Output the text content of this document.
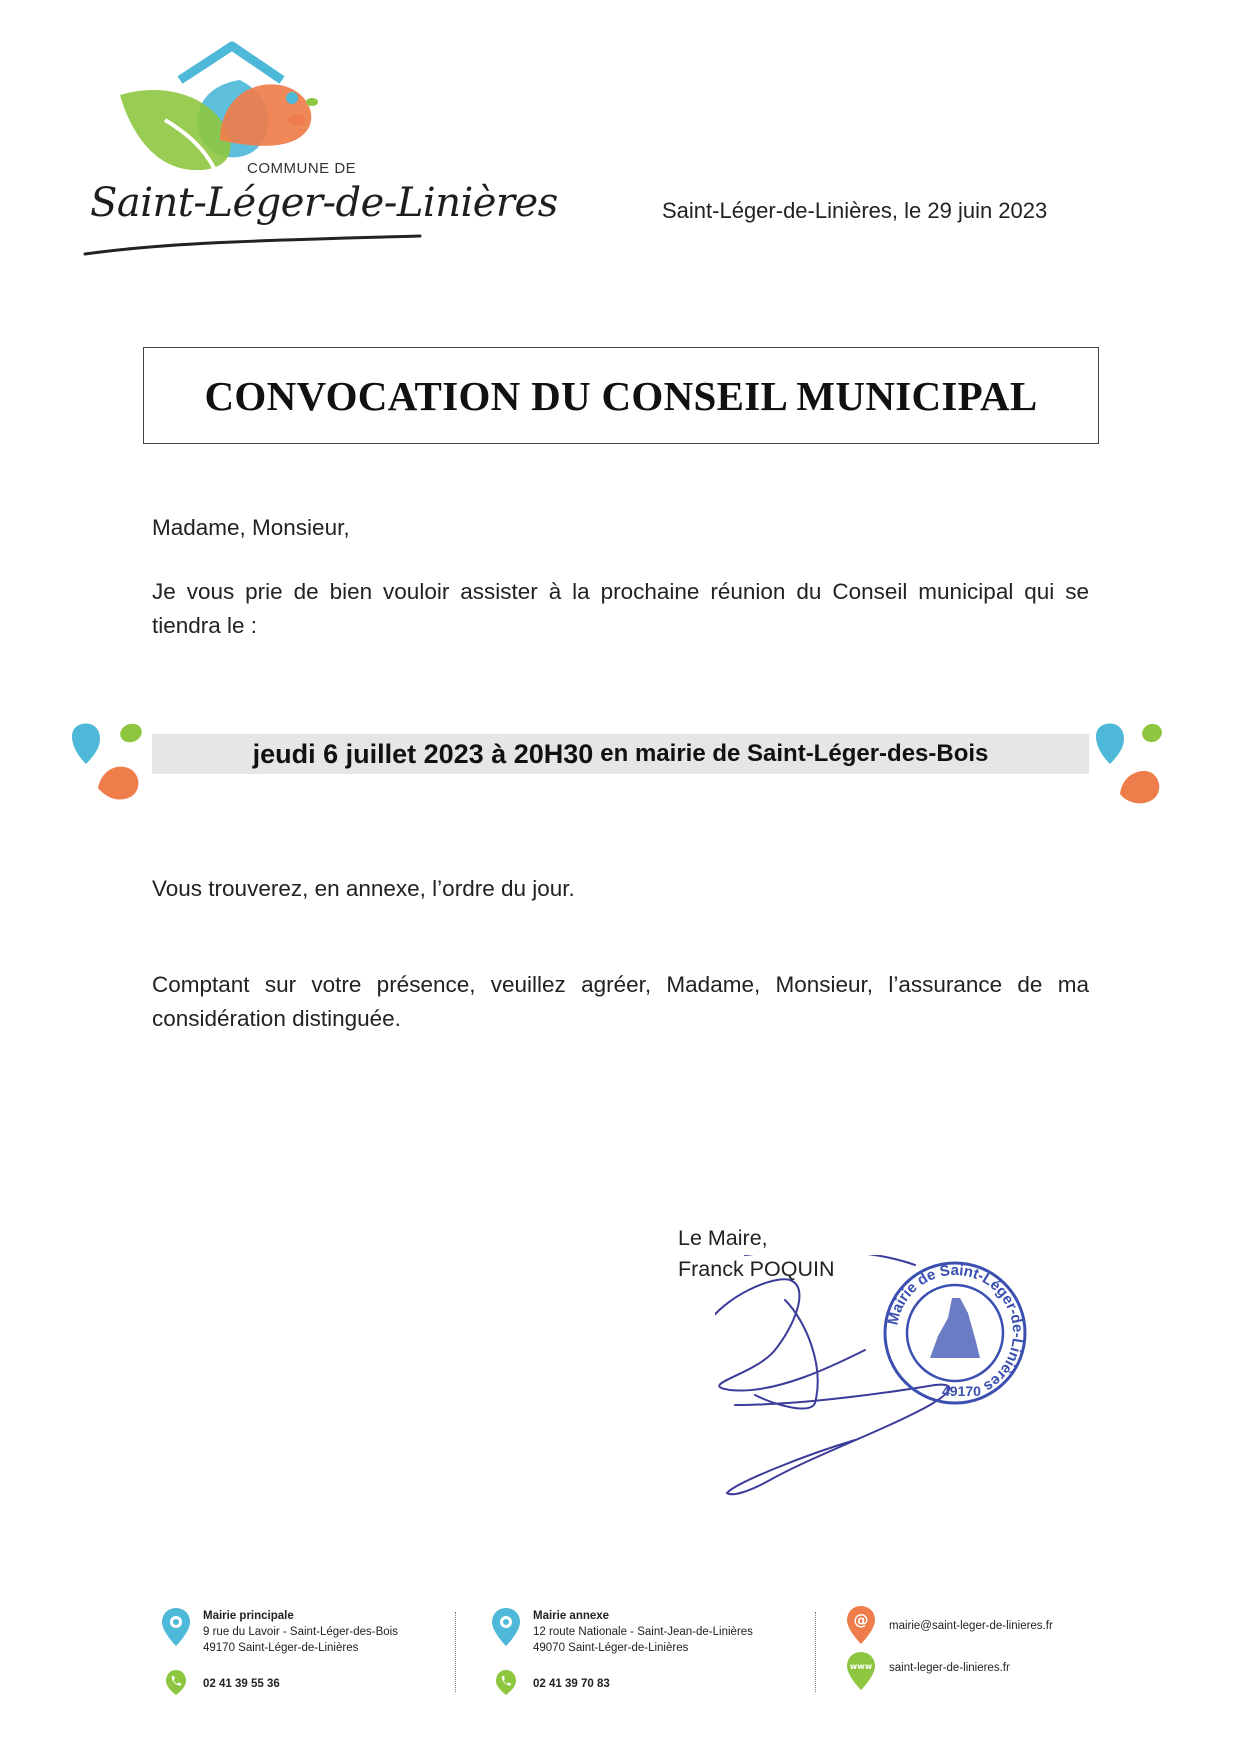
COMMUNE DE
Saint-Léger-de-Linières	Saint-Léger-de-Linières, le 29 juin 2023
CONVOCATION DU CONSEIL MUNICIPAL
Madame, Monsieur,
Je vous prie de bien vouloir assister à la prochaine réunion du Conseil municipal qui se tiendra le :
jeudi 6 juillet 2023 à 20H30 en mairie de Saint-Léger-des-Bois
Vous trouverez, en annexe, l’ordre du jour.
Comptant sur votre présence, veuillez agréer, Madame, Monsieur, l’assurance de ma considération distinguée.
Le Maire,
Franck POQUIN
Mairie de Saint-Léger-de-Linières
49170
Mairie principale
9 rue du Lavoir - Saint-Léger-des-Bois
49170 Saint-Léger-de-Linières
02 41 39 55 36
Mairie annexe
12 route Nationale - Saint-Jean-de-Linières
49070 Saint-Léger-de-Linières
02 41 39 70 83
@ mairie@saint-leger-de-linieres.fr
www saint-leger-de-linieres.fr
